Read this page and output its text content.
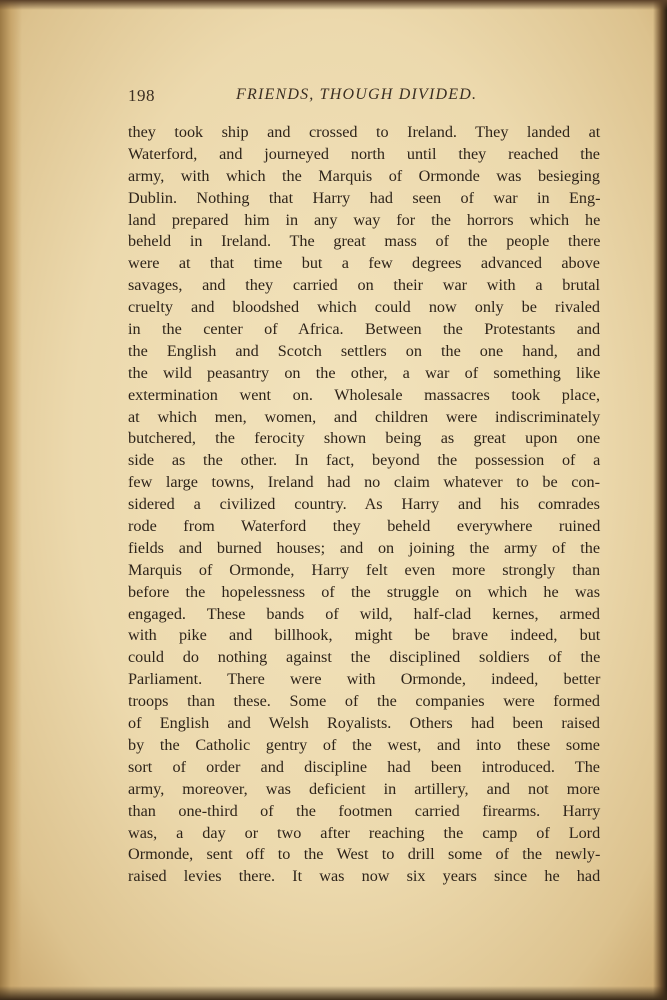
198	FRIENDS, THOUGH DIVIDED.
they took ship and crossed to Ireland. They landed at
Waterford, and journeyed north until they reached the
army, with which the Marquis of Ormonde was besieging
Dublin. Nothing that Harry had seen of war in Eng-
land prepared him in any way for the horrors which he
beheld in Ireland. The great mass of the people there
were at that time but a few degrees advanced above
savages, and they carried on their war with a brutal
cruelty and bloodshed which could now only be rivaled
in the center of Africa. Between the Protestants and
the English and Scotch settlers on the one hand, and
the wild peasantry on the other, a war of something like
extermination went on. Wholesale massacres took place,
at which men, women, and children were indiscriminately
butchered, the ferocity shown being as great upon one
side as the other. In fact, beyond the possession of a
few large towns, Ireland had no claim whatever to be con-
sidered a civilized country. As Harry and his comrades
rode from Waterford they beheld everywhere ruined
fields and burned houses; and on joining the army of the
Marquis of Ormonde, Harry felt even more strongly than
before the hopelessness of the struggle on which he was
engaged. These bands of wild, half-clad kernes, armed
with pike and billhook, might be brave indeed, but
could do nothing against the disciplined soldiers of the
Parliament. There were with Ormonde, indeed, better
troops than these. Some of the companies were formed
of English and Welsh Royalists. Others had been raised
by the Catholic gentry of the west, and into these some
sort of order and discipline had been introduced. The
army, moreover, was deficient in artillery, and not more
than one-third of the footmen carried firearms. Harry
was, a day or two after reaching the camp of Lord
Ormonde, sent off to the West to drill some of the newly-
raised levies there. It was now six years since he had
